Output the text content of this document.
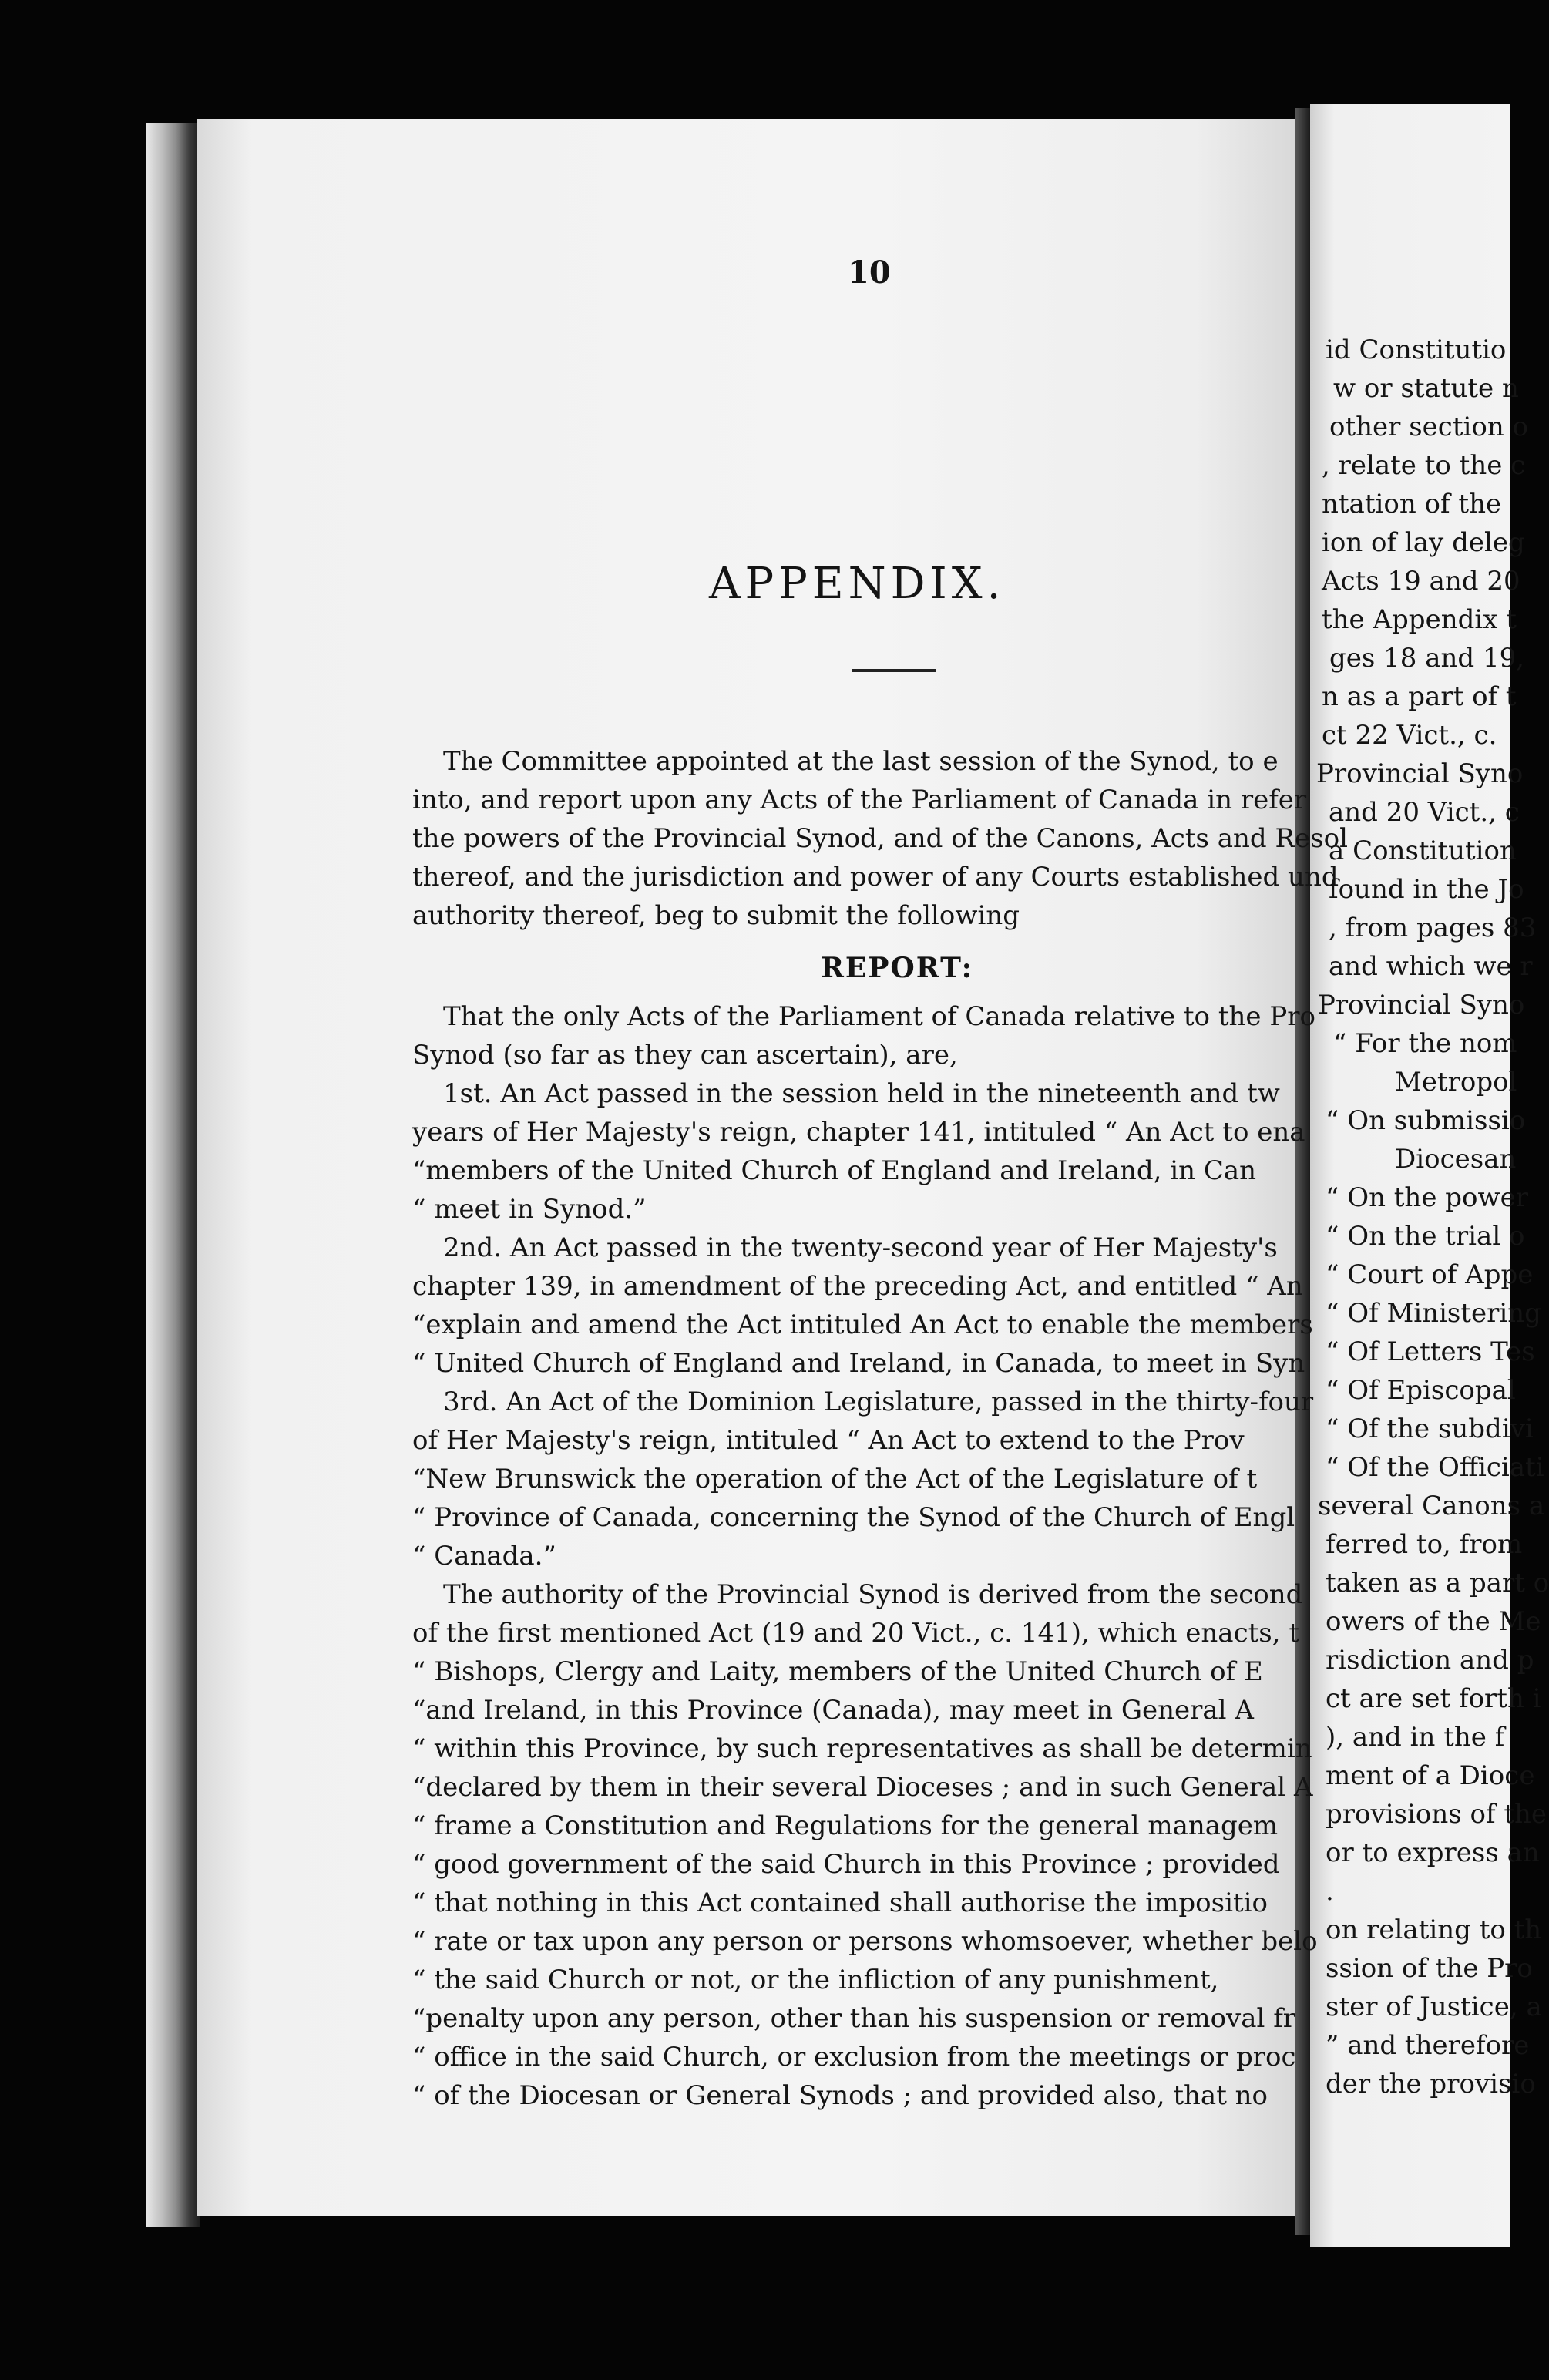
id Constitutio
w or statute n
other section o
, relate to the c
ntation of the
ion of lay deleg
Acts 19 and 20
the Appendix t
ges 18 and 19,
n as a part of t
ct 22 Vict., c.
Provincial Syno
and 20 Vict., c
a Constitution
found in the Jo
, from pages 83
and which we r
Provincial Syno
“ For the nom
Metropol
“ On submissio
Diocesan
“ On the power
“ On the trial o
“ Court of Appe
“ Of Ministering
“ Of Letters Tes
“ Of Episcopal
“ Of the subdivi
“ Of the Officiati
several Canons a
ferred to, from
taken as a part o
owers of the Me
risdiction and p
ct are set forth i
), and in the f
ment of a Dioce
provisions of the
or to express an
.
on relating to th
ssion of the Pro
ster of Justice, a
” and therefore
der the provisio
10
APPENDIX.
The Committee appointed at the last session of the Synod, to e
into, and report upon any Acts of the Parliament of Canada in refer
the powers of the Provincial Synod, and of the Canons, Acts and Resol
thereof, and the jurisdiction and power of any Courts established und
authority thereof, beg to submit the following
REPORT:
That the only Acts of the Parliament of Canada relative to the Pro
Synod (so far as they can ascertain), are,
1st. An Act passed in the session held in the nineteenth and tw
years of Her Majesty's reign, chapter 141, intituled “ An Act to ena
“members of the United Church of England and Ireland, in Can
“ meet in Synod.”
2nd. An Act passed in the twenty-second year of Her Majesty's
chapter 139, in amendment of the preceding Act, and entitled “ An
“explain and amend the Act intituled An Act to enable the members
“ United Church of England and Ireland, in Canada, to meet in Syn
3rd. An Act of the Dominion Legislature, passed in the thirty-four
of Her Majesty's reign, intituled “ An Act to extend to the Prov
“New Brunswick the operation of the Act of the Legislature of t
“ Province of Canada, concerning the Synod of the Church of Engl
“ Canada.”
The authority of the Provincial Synod is derived from the second
of the first mentioned Act (19 and 20 Vict., c. 141), which enacts, t
“ Bishops, Clergy and Laity, members of the United Church of E
“and Ireland, in this Province (Canada), may meet in General A
“ within this Province, by such representatives as shall be determin
“declared by them in their several Dioceses ; and in such General A
“ frame a Constitution and Regulations for the general managem
“ good government of the said Church in this Province ; provided
“ that nothing in this Act contained shall authorise the impositio
“ rate or tax upon any person or persons whomsoever, whether belo
“ the said Church or not, or the infliction of any punishment,
“penalty upon any person, other than his suspension or removal fr
“ office in the said Church, or exclusion from the meetings or proc
“ of the Diocesan or General Synods ; and provided also, that no
